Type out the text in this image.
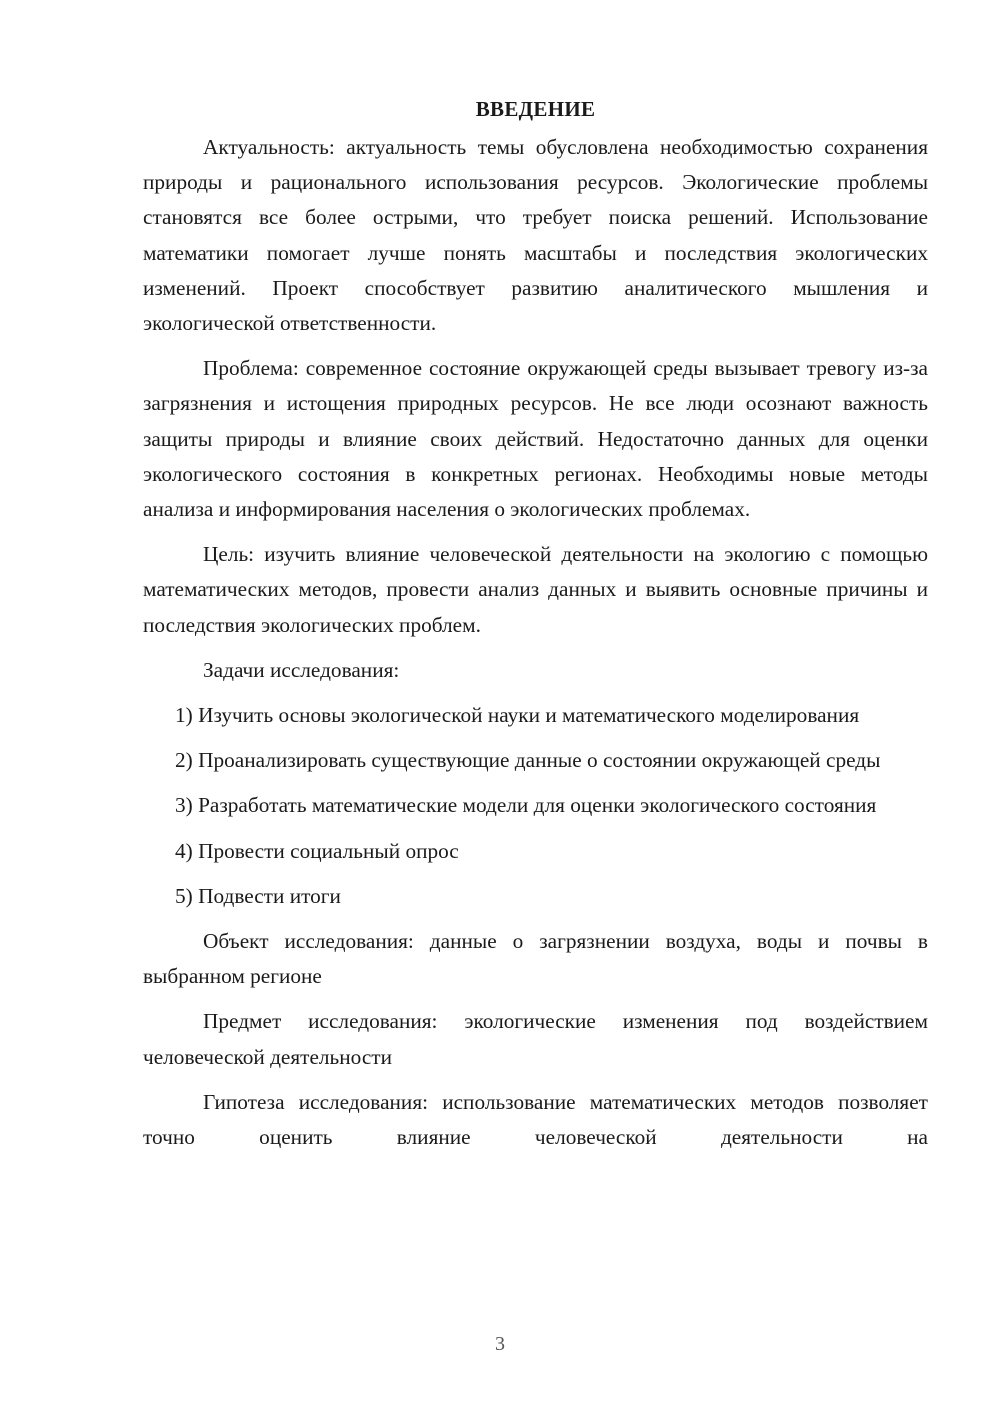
ВВЕДЕНИЕ

Актуальность: актуальность темы обусловлена необходимостью сохранения природы и рационального использования ресурсов. Экологические проблемы становятся все более острыми, что требует поиска решений. Использование математики помогает лучше понять масштабы и последствия экологических изменений. Проект способствует развитию аналитического мышления и экологической ответственности.

Проблема: современное состояние окружающей среды вызывает тревогу из-за загрязнения и истощения природных ресурсов. Не все люди осознают важность защиты природы и влияние своих действий. Недостаточно данных для оценки экологического состояния в конкретных регионах. Необходимы новые методы анализа и информирования населения о экологических проблемах.

Цель: изучить влияние человеческой деятельности на экологию с помощью математических методов, провести анализ данных и выявить основные причины и последствия экологических проблем.

Задачи исследования:

1) Изучить основы экологической науки и математического моделирования

2) Проанализировать существующие данные о состоянии окружающей среды

3) Разработать математические модели для оценки экологического состояния

4) Провести социальный опрос

5) Подвести итоги

Объект исследования: данные о загрязнении воздуха, воды и почвы в выбранном регионе

Предмет исследования: экологические изменения под воздействием человеческой деятельности

Гипотеза исследования: использование математических методов позволяет точно оценить влияние человеческой деятельности на

3
